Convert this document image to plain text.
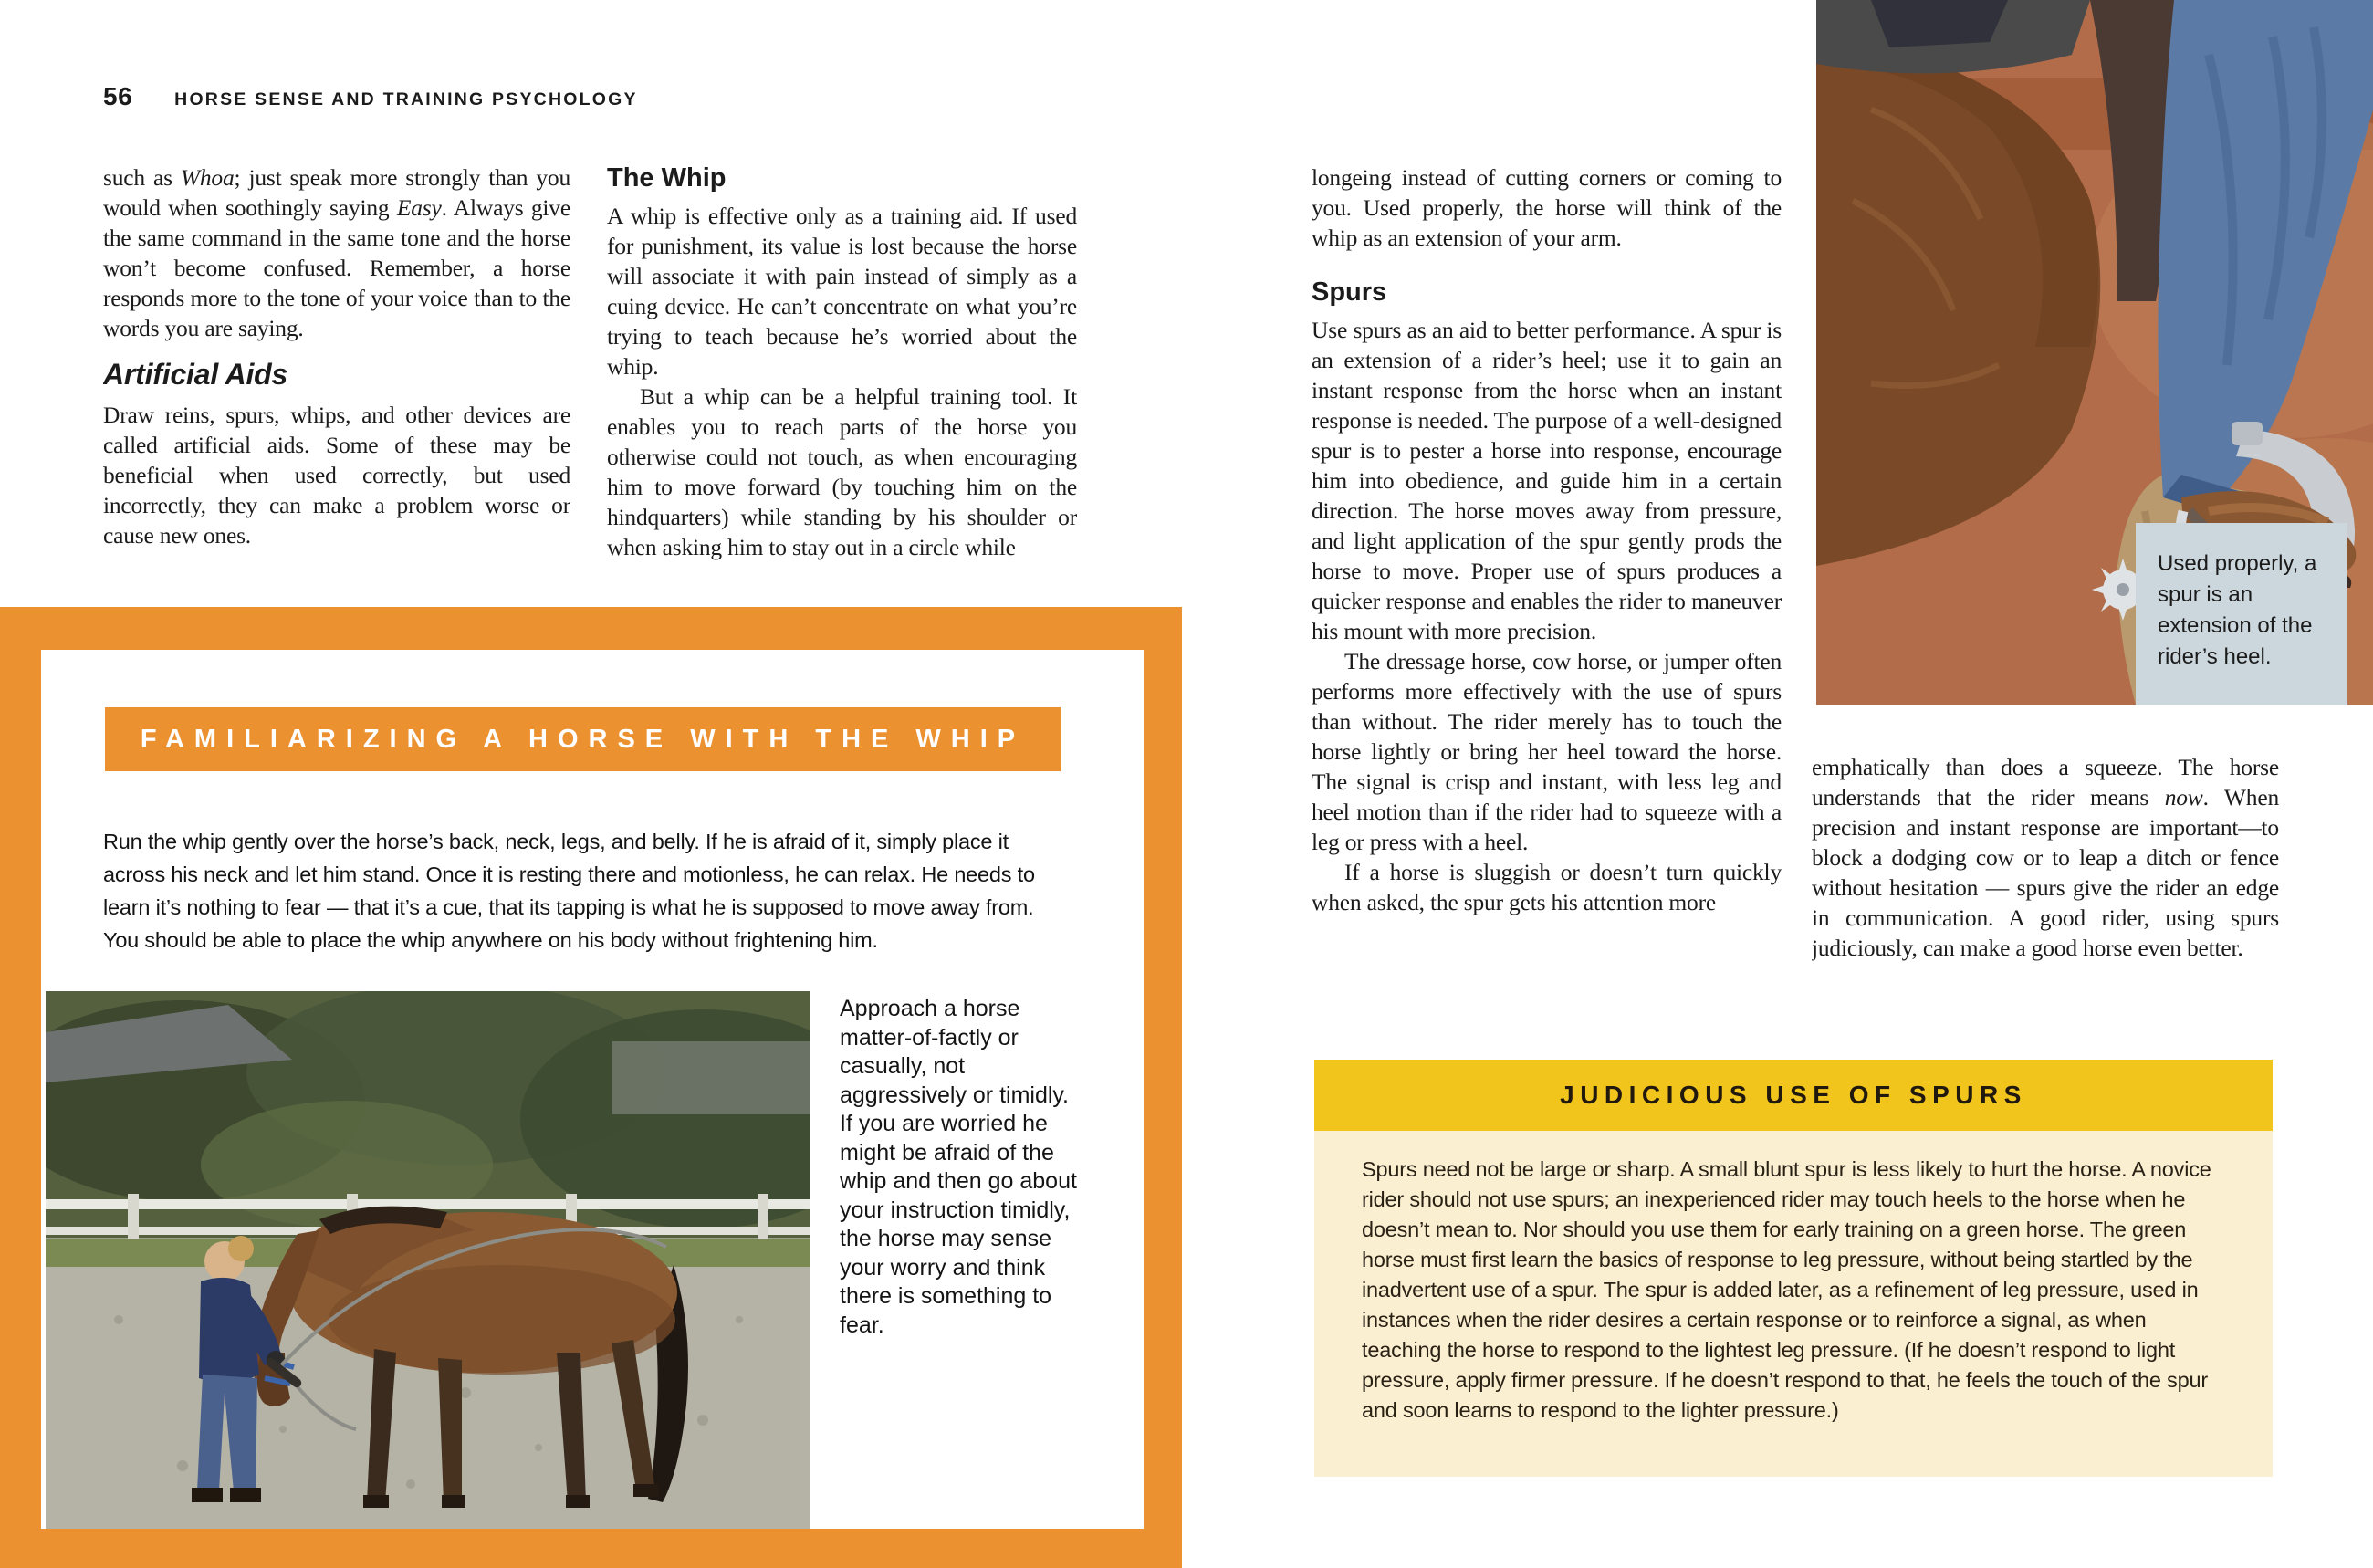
56 HORSE SENSE AND TRAINING PSYCHOLOGY

such as Whoa; just speak more strongly than you would when soothingly saying Easy. Always give the same command in the same tone and the horse won’t become confused. Remember, a horse responds more to the tone of your voice than to the words you are saying.

Artificial Aids

Draw reins, spurs, whips, and other devices are called artificial aids. Some of these may be beneficial when used correctly, but used incorrectly, they can make a problem worse or cause new ones.

The Whip

A whip is effective only as a training aid. If used for punishment, its value is lost because the horse will associate it with pain instead of simply as a cuing device. He can’t concentrate on what you’re trying to teach because he’s worried about the whip.

But a whip can be a helpful training tool. It enables you to reach parts of the horse you otherwise could not touch, as when encouraging him to move forward (by touching him on the hindquarters) while standing by his shoulder or when asking him to stay out in a circle while

longeing instead of cutting corners or coming to you. Used properly, the horse will think of the whip as an extension of your arm.

Spurs

Use spurs as an aid to better performance. A spur is an extension of a rider’s heel; use it to gain an instant response from the horse when an instant response is needed. The purpose of a well-designed spur is to pester a horse into response, encourage him into obedience, and guide him in a certain direction. The horse moves away from pressure, and light application of the spur gently prods the horse to move. Proper use of spurs produces a quicker response and enables the rider to maneuver his mount with more precision.

The dressage horse, cow horse, or jumper often performs more effectively with the use of spurs than without. The rider merely has to touch the horse lightly or bring her heel toward the horse. The signal is crisp and instant, with less leg and heel motion than if the rider had to squeeze with a leg or press with a heel.

If a horse is sluggish or doesn’t turn quickly when asked, the spur gets his attention more

emphatically than does a squeeze. The horse understands that the rider means now. When precision and instant response are important—to block a dodging cow or to leap a ditch or fence without hesitation — spurs give the rider an edge in communication. A good rider, using spurs judiciously, can make a good horse even better.

Used properly, a spur is an extension of the rider’s heel.
FAMILIARIZING A HORSE WITH THE WHIP

Run the whip gently over the horse’s back, neck, legs, and belly. If he is afraid of it, simply place it across his neck and let him stand. Once it is resting there and motionless, he can relax. He needs to learn it’s nothing to fear — that it’s a cue, that its tapping is what he is supposed to move away from. You should be able to place the whip anywhere on his body without frightening him.

Approach a horse matter-of-factly or casually, not aggressively or timidly. If you are worried he might be afraid of the whip and then go about your instruction timidly, the horse may sense your worry and think there is something to fear.
JUDICIOUS USE OF SPURS

Spurs need not be large or sharp. A small blunt spur is less likely to hurt the horse. A novice rider should not use spurs; an inexperienced rider may touch heels to the horse when he doesn’t mean to. Nor should you use them for early training on a green horse. The green horse must first learn the basics of response to leg pressure, without being startled by the inadvertent use of a spur. The spur is added later, as a refinement of leg pressure, used in instances when the rider desires a certain response or to reinforce a signal, as when teaching the horse to respond to the lightest leg pressure. (If he doesn’t respond to light pressure, apply firmer pressure. If he doesn’t respond to that, he feels the touch of the spur and soon learns to respond to the lighter pressure.)
